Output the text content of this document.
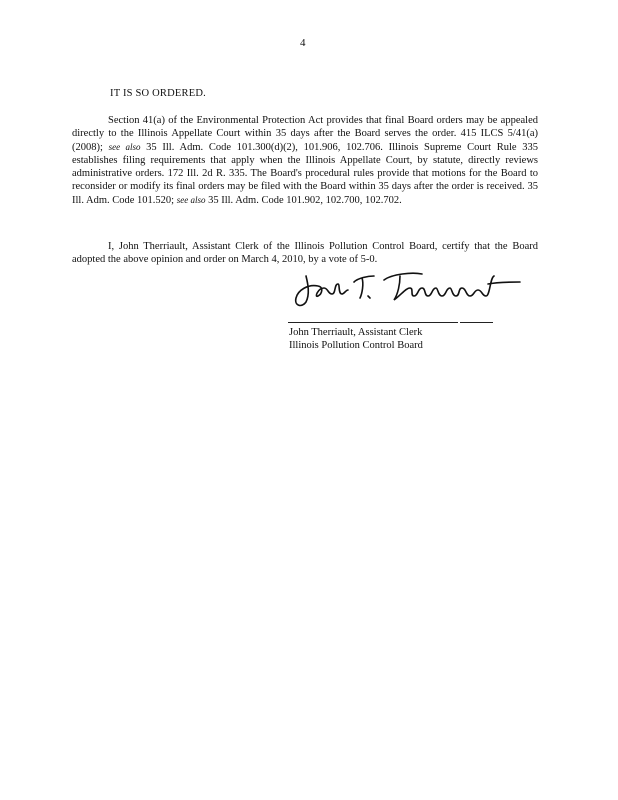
4
IT IS SO ORDERED.

Section 41(a) of the Environmental Protection Act provides that final Board orders may be appealed directly to the Illinois Appellate Court within 35 days after the Board serves the order. 415 ILCS 5/41(a) (2008); see also 35 Ill. Adm. Code 101.300(d)(2), 101.906, 102.706. Illinois Supreme Court Rule 335 establishes filing requirements that apply when the Illinois Appellate Court, by statute, directly reviews administrative orders. 172 Ill. 2d R. 335. The Board's procedural rules provide that motions for the Board to reconsider or modify its final orders may be filed with the Board within 35 days after the order is received. 35 Ill. Adm. Code 101.520; see also 35 Ill. Adm. Code 101.902, 102.700, 102.702.

I, John Therriault, Assistant Clerk of the Illinois Pollution Control Board, certify that the Board adopted the above opinion and order on March 4, 2010, by a vote of 5-0.

John Therriault, Assistant Clerk
Illinois Pollution Control Board
